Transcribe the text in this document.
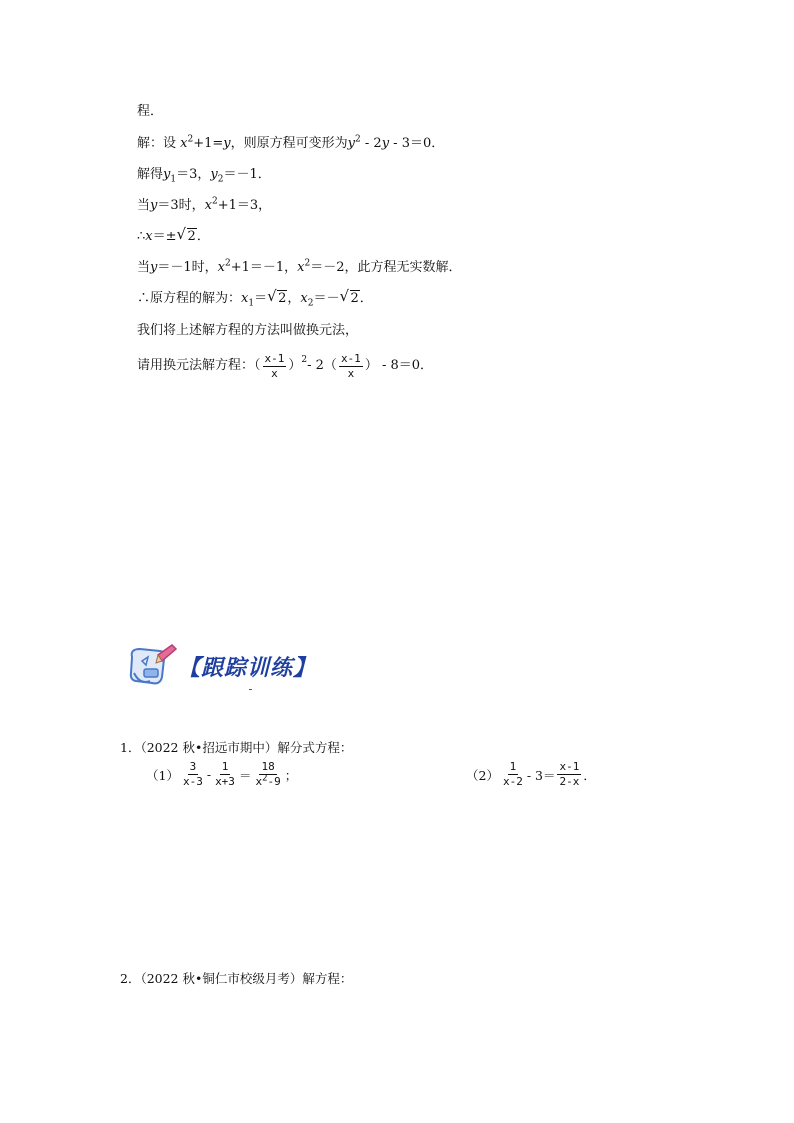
程．
解：设 $x^2+1=y$，则原方程可变形为$y^2 - 2y - 3=0$．
解得$y_1=3$，$y_2=-1$．
当y＝3时，$x^2+1=3$，
∴x＝± √ 2．
当y＝－1时，$x^2+1=-1$，$x^2=-2$，此方程无实数解．
∴原方程的解为：$x_1=$ √ 2，$x_2=-$ √ 2．
我们将上述解方程的方法叫做换元法，
请用换元法解方程：（ $\frac{x-1}{x} )^2 - 2( \frac{x-1}{x}$ ） - 8＝0．
【跟踪训练】
1．（2022 秋•招远市期中）解分式方程：
$(1) \frac{3}{x-3} - \frac{1}{x+3} = \frac{18}{x^2-9}$ ；	$(2) \frac{1}{x-2} - 3= \frac{x-1}{2-x}$ ．
2．（2022 秋•铜仁市校级月考）解方程：
